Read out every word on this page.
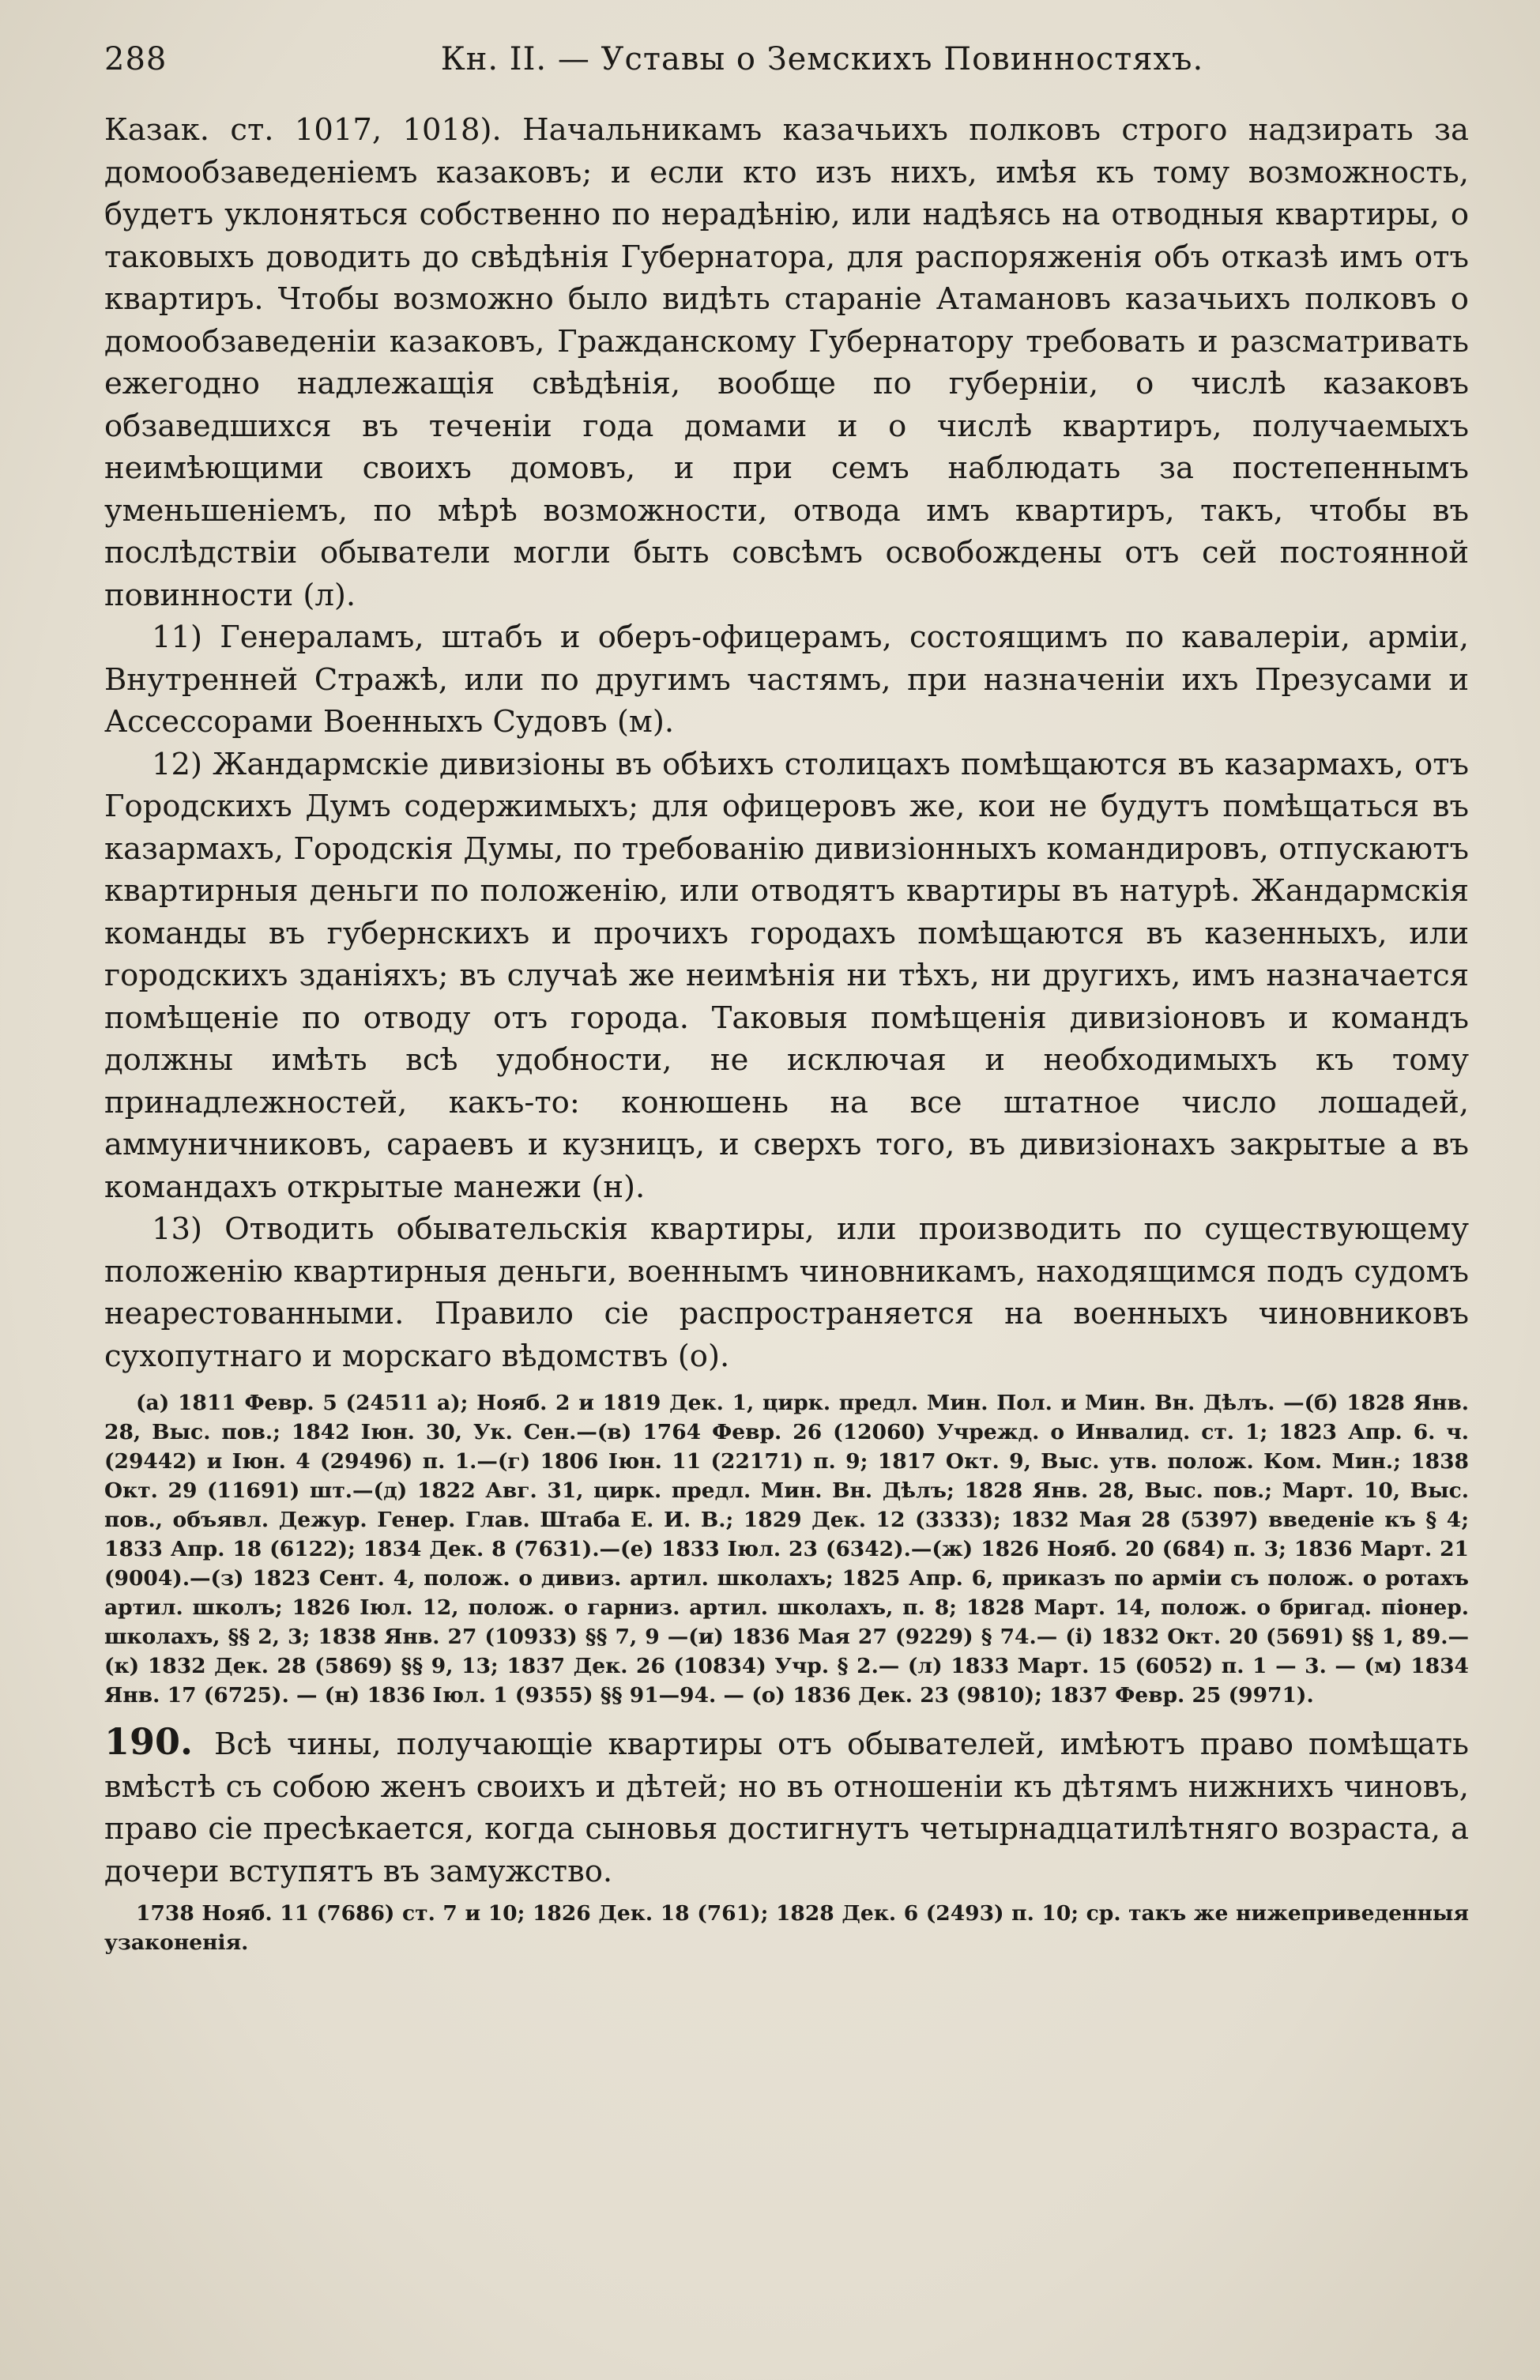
288	Кн. II. — Уставы о Земскихъ Повинностяхъ.

Казак. ст. 1017, 1018). Начальникамъ казачьихъ полковъ строго надзирать за домообзаведеніемъ казаковъ; и если кто изъ нихъ, имѣя къ тому возможность, будетъ уклоняться собственно по нерадѣнію, или надѣясь на отводныя квартиры, о таковыхъ доводить до свѣдѣнія Губернатора, для распоряженія объ отказѣ имъ отъ квартиръ. Чтобы возможно было видѣть стараніе Атамановъ казачьихъ полковъ о домообзаведеніи казаковъ, Гражданскому Губернатору требовать и разсматривать ежегодно надлежащія свѣдѣнія, вообще по губерніи, о числѣ казаковъ обзаведшихся въ теченіи года домами и о числѣ квартиръ, получаемыхъ неимѣющими своихъ домовъ, и при семъ наблюдать за постепеннымъ уменьшеніемъ, по мѣрѣ возможности, отвода имъ квартиръ, такъ, чтобы въ послѣдствіи обыватели могли быть совсѣмъ освобождены отъ сей постоянной повинности (л).

11) Генераламъ, штабъ и оберъ-офицерамъ, состоящимъ по кавалеріи, арміи, Внутренней Стражѣ, или по другимъ частямъ, при назначеніи ихъ Презусами и Ассессорами Военныхъ Судовъ (м).

12) Жандармскіе дивизіоны въ обѣихъ столицахъ помѣщаются въ казармахъ, отъ Городскихъ Думъ содержимыхъ; для офицеровъ же, кои не будутъ помѣщаться въ казармахъ, Городскія Думы, по требованію дивизіонныхъ командировъ, отпускаютъ квартирныя деньги по положенію, или отводятъ квартиры въ натурѣ. Жандармскія команды въ губернскихъ и прочихъ городахъ помѣщаются въ казенныхъ, или городскихъ зданіяхъ; въ случаѣ же неимѣнія ни тѣхъ, ни другихъ, имъ назначается помѣщеніе по отводу отъ города. Таковыя помѣщенія дивизіоновъ и командъ должны имѣть всѣ удобности, не исключая и необходимыхъ къ тому принадлежностей, какъ-то: конюшень на все штатное число лошадей, аммуничниковъ, сараевъ и кузницъ, и сверхъ того, въ дивизіонахъ закрытые а въ командахъ открытые манежи (н).

13) Отводить обывательскія квартиры, или производить по существующему положенію квартирныя деньги, военнымъ чиновникамъ, находящимся подъ судомъ неарестованными. Правило сіе распространяется на военныхъ чиновниковъ сухопутнаго и морскаго вѣдомствъ (о).

(а) 1811 Февр. 5 (24511 а); Нояб. 2 и 1819 Дек. 1, цирк. предл. Мин. Пол. и Мин. Вн. Дѣлъ. —(б) 1828 Янв. 28, Выс. пов.; 1842 Іюн. 30, Ук. Сен.—(в) 1764 Февр. 26 (12060) Учрежд. о Инвалид. ст. 1; 1823 Апр. 6. ч. (29442) и Іюн. 4 (29496) п. 1.—(г) 1806 Іюн. 11 (22171) п. 9; 1817 Окт. 9, Выс. утв. полож. Ком. Мин.; 1838 Окт. 29 (11691) шт.—(д) 1822 Авг. 31, цирк. предл. Мин. Вн. Дѣлъ; 1828 Янв. 28, Выс. пов.; Март. 10, Выс. пов., объявл. Дежур. Генер. Глав. Штаба Е. И. В.; 1829 Дек. 12 (3333); 1832 Мая 28 (5397) введеніе къ § 4; 1833 Апр. 18 (6122); 1834 Дек. 8 (7631).—(е) 1833 Іюл. 23 (6342).—(ж) 1826 Нояб. 20 (684) п. 3; 1836 Март. 21 (9004).—(з) 1823 Сент. 4, полож. о дивиз. артил. школахъ; 1825 Апр. 6, приказъ по арміи съ полож. о ротахъ артил. школъ; 1826 Іюл. 12, полож. о гарниз. артил. школахъ, п. 8; 1828 Март. 14, полож. о бригад. піонер. школахъ, §§ 2, 3; 1838 Янв. 27 (10933) §§ 7, 9 —(и) 1836 Мая 27 (9229) § 74.— (і) 1832 Окт. 20 (5691) §§ 1, 89.—(к) 1832 Дек. 28 (5869) §§ 9, 13; 1837 Дек. 26 (10834) Учр. § 2.— (л) 1833 Март. 15 (6052) п. 1 — 3. — (м) 1834 Янв. 17 (6725). — (н) 1836 Іюл. 1 (9355) §§ 91—94. — (о) 1836 Дек. 23 (9810); 1837 Февр. 25 (9971).
190. Всѣ чины, получающіе квартиры отъ обывателей, имѣютъ право помѣщать вмѣстѣ съ собою женъ своихъ и дѣтей; но въ отношеніи къ дѣтямъ нижнихъ чиновъ, право сіе пресѣкается, когда сыновья достигнутъ четырнадцатилѣтняго возраста, а дочери вступятъ въ замужство.
1738 Нояб. 11 (7686) ст. 7 и 10; 1826 Дек. 18 (761); 1828 Дек. 6 (2493) п. 10; ср. такъ же нижеприведенныя узаконенія.
